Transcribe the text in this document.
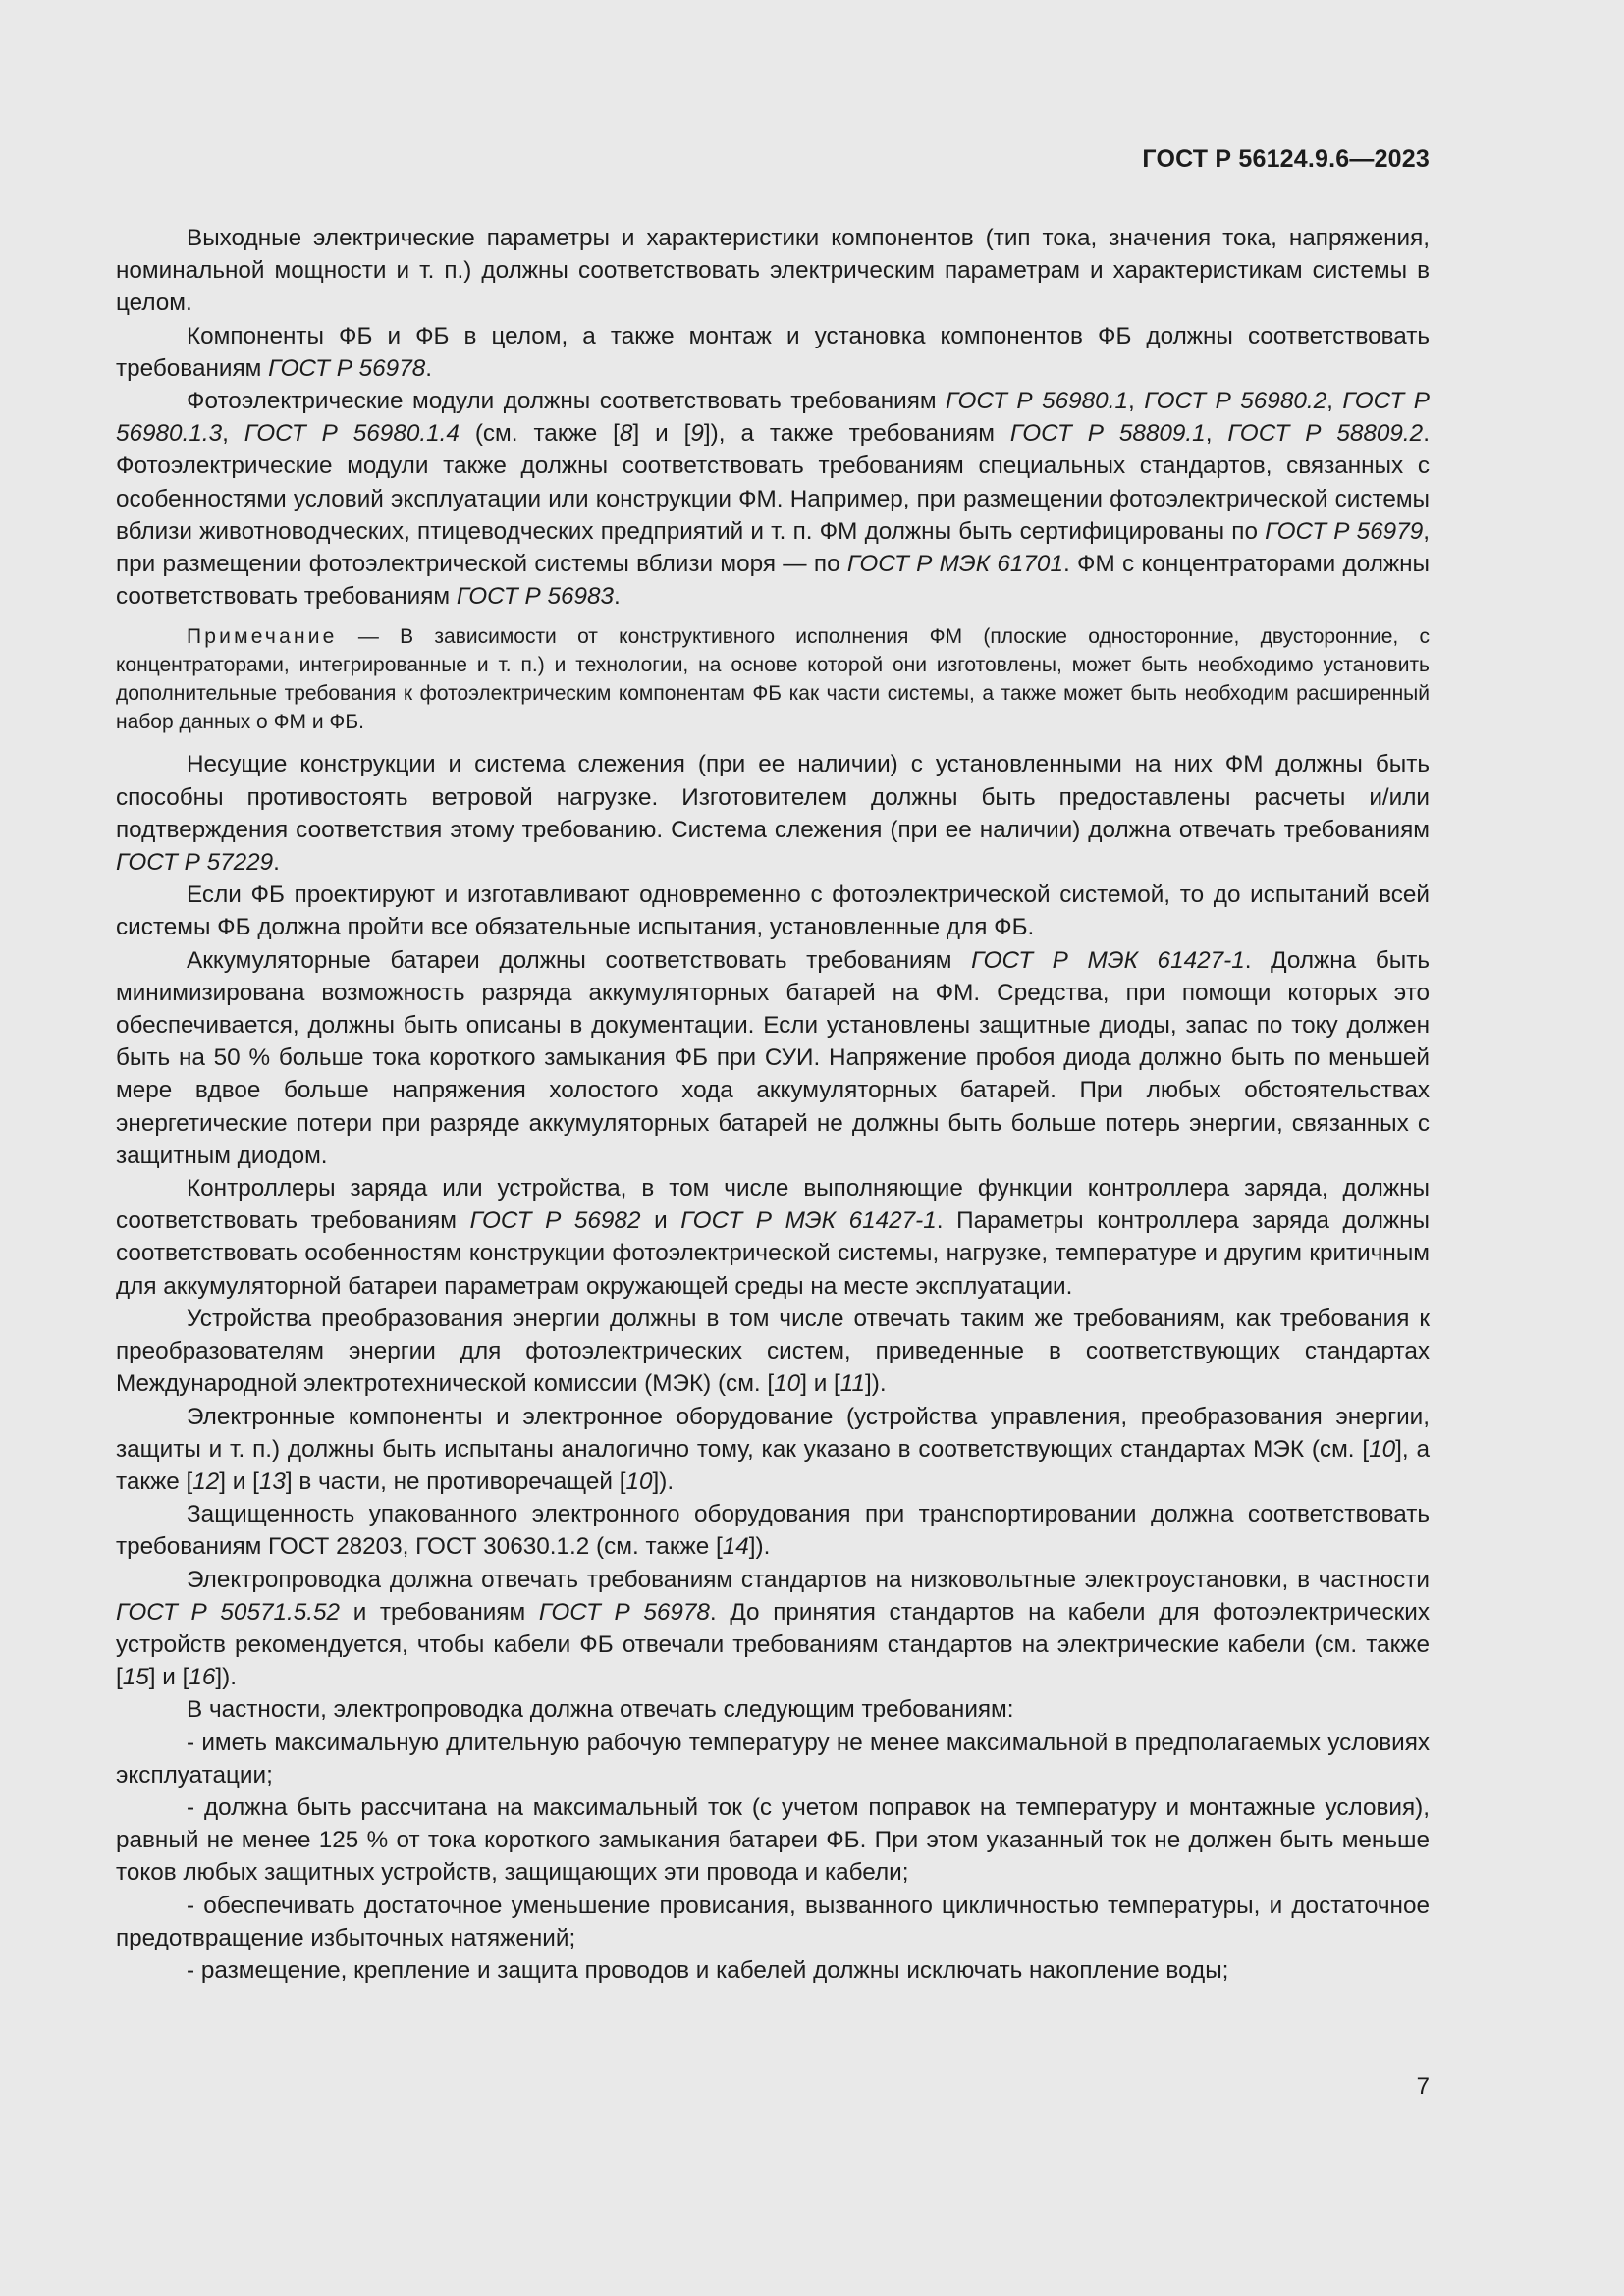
ГОСТ Р 56124.9.6—2023

Выходные электрические параметры и характеристики компонентов (тип тока, значения тока, напряжения, номинальной мощности и т. п.) должны соответствовать электрическим параметрам и характеристикам системы в целом.

Компоненты ФБ и ФБ в целом, а также монтаж и установка компонентов ФБ должны соответствовать требованиям ГОСТ Р 56978.

Фотоэлектрические модули должны соответствовать требованиям ГОСТ Р 56980.1, ГОСТ Р 56980.2, ГОСТ Р 56980.1.3, ГОСТ Р 56980.1.4 (см. также [8] и [9]), а также требованиям ГОСТ Р 58809.1, ГОСТ Р 58809.2. Фотоэлектрические модули также должны соответствовать требованиям специальных стандартов, связанных с особенностями условий эксплуатации или конструкции ФМ. Например, при размещении фотоэлектрической системы вблизи животноводческих, птицеводческих предприятий и т. п. ФМ должны быть сертифицированы по ГОСТ Р 56979, при размещении фотоэлектрической системы вблизи моря — по ГОСТ Р МЭК 61701. ФМ с концентраторами должны соответствовать требованиям ГОСТ Р 56983.

Примечание — В зависимости от конструктивного исполнения ФМ (плоские односторонние, двусторонние, с концентраторами, интегрированные и т. п.) и технологии, на основе которой они изготовлены, может быть необходимо установить дополнительные требования к фотоэлектрическим компонентам ФБ как части системы, а также может быть необходим расширенный набор данных о ФМ и ФБ.

Несущие конструкции и система слежения (при ее наличии) с установленными на них ФМ должны быть способны противостоять ветровой нагрузке. Изготовителем должны быть предоставлены расчеты и/или подтверждения соответствия этому требованию. Система слежения (при ее наличии) должна отвечать требованиям ГОСТ Р 57229.

Если ФБ проектируют и изготавливают одновременно с фотоэлектрической системой, то до испытаний всей системы ФБ должна пройти все обязательные испытания, установленные для ФБ.

Аккумуляторные батареи должны соответствовать требованиям ГОСТ Р МЭК 61427-1. Должна быть минимизирована возможность разряда аккумуляторных батарей на ФМ. Средства, при помощи которых это обеспечивается, должны быть описаны в документации. Если установлены защитные диоды, запас по току должен быть на 50 % больше тока короткого замыкания ФБ при СУИ. Напряжение пробоя диода должно быть по меньшей мере вдвое больше напряжения холостого хода аккумуляторных батарей. При любых обстоятельствах энергетические потери при разряде аккумуляторных батарей не должны быть больше потерь энергии, связанных с защитным диодом.

Контроллеры заряда или устройства, в том числе выполняющие функции контроллера заряда, должны соответствовать требованиям ГОСТ Р 56982 и ГОСТ Р МЭК 61427-1. Параметры контроллера заряда должны соответствовать особенностям конструкции фотоэлектрической системы, нагрузке, температуре и другим критичным для аккумуляторной батареи параметрам окружающей среды на месте эксплуатации.

Устройства преобразования энергии должны в том числе отвечать таким же требованиям, как требования к преобразователям энергии для фотоэлектрических систем, приведенные в соответствующих стандартах Международной электротехнической комиссии (МЭК) (см. [10] и [11]).

Электронные компоненты и электронное оборудование (устройства управления, преобразования энергии, защиты и т. п.) должны быть испытаны аналогично тому, как указано в соответствующих стандартах МЭК (см. [10], а также [12] и [13] в части, не противоречащей [10]).

Защищенность упакованного электронного оборудования при транспортировании должна соответствовать требованиям ГОСТ 28203, ГОСТ 30630.1.2 (см. также [14]).

Электропроводка должна отвечать требованиям стандартов на низковольтные электроустановки, в частности ГОСТ Р 50571.5.52 и требованиям ГОСТ Р 56978. До принятия стандартов на кабели для фотоэлектрических устройств рекомендуется, чтобы кабели ФБ отвечали требованиям стандартов на электрические кабели (см. также [15] и [16]).

В частности, электропроводка должна отвечать следующим требованиям:

- иметь максимальную длительную рабочую температуру не менее максимальной в предполагаемых условиях эксплуатации;

- должна быть рассчитана на максимальный ток (с учетом поправок на температуру и монтажные условия), равный не менее 125 % от тока короткого замыкания батареи ФБ. При этом указанный ток не должен быть меньше токов любых защитных устройств, защищающих эти провода и кабели;

- обеспечивать достаточное уменьшение провисания, вызванного цикличностью температуры, и достаточное предотвращение избыточных натяжений;

- размещение, крепление и защита проводов и кабелей должны исключать накопление воды;

7
